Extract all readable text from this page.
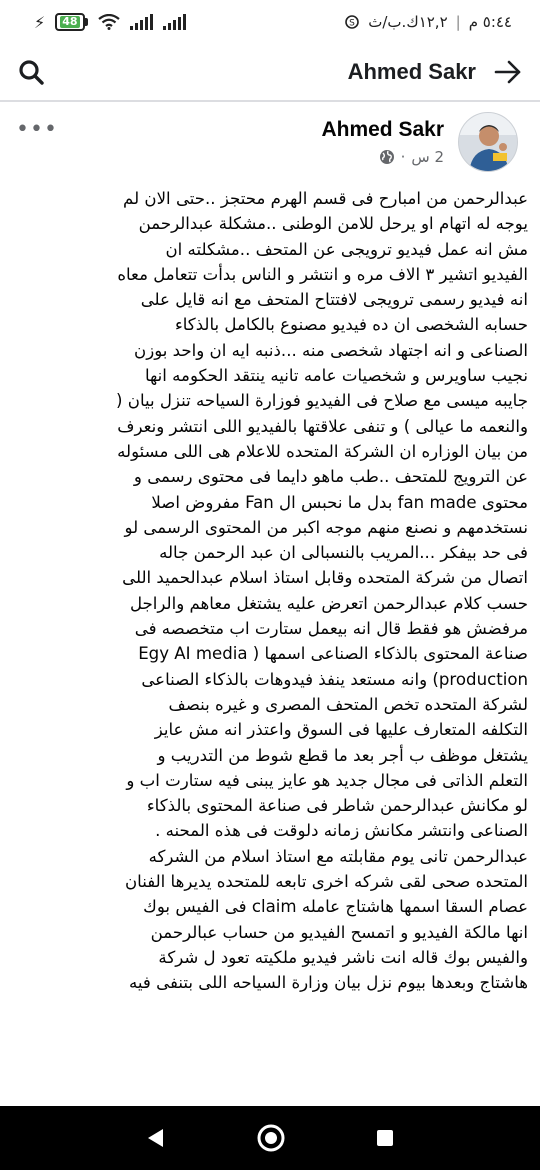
⚡ 48	٥:٤٤ م
|
١٢,٢ك.ب/ث
S
Ahmed Sakr
•••	Ahmed Sakr
2 س
·

عبدالرحمن من امبارح فى قسم الهرم محتجز ..حتى الان لم

يوجه له اتهام او يرحل للامن الوطنى ..مشكلة عبدالرحمن

مش انه عمل فيديو ترويجى عن المتحف ..مشكلته ان

الفيديو اتشير ٣ الاف مره و انتشر و الناس بدأت تتعامل معاه

انه فيديو رسمى ترويجى لافتتاح المتحف مع انه قايل على

حسابه الشخصى ان ده فيديو مصنوع بالكامل بالذكاء

الصناعى و انه اجتهاد شخصى منه ...ذنبه ايه ان واحد بوزن

نجيب ساويرس و شخصيات عامه تانيه ينتقد الحكومه انها

جايبه ميسى مع صلاح فى الفيديو فوزارة السياحه تنزل بيان (

والنعمه ما عيالى ) و تنفى علاقتها بالفيديو اللى انتشر ونعرف

من بيان الوزاره ان الشركة المتحده للاعلام هى اللى مسئوله

عن الترويج للمتحف ..طب ماهو دايما فى محتوى رسمى و

محتوى fan made بدل ما نحبس ال Fan مفروض اصلا

نستخدمهم و نصنع منهم موجه اكبر من المحتوى الرسمى لو

فى حد بيفكر ...المريب بالنسبالى ان عبد الرحمن جاله

اتصال من شركة المتحده وقابل استاذ اسلام عبدالحميد اللى

حسب كلام عبدالرحمن اتعرض عليه يشتغل معاهم والراجل

مرفضش هو فقط قال انه بيعمل ستارت اب متخصصه فى

صناعة المحتوى بالذكاء الصناعى اسمها ( Egy AI media

production) وانه مستعد ينفذ فيدوهات بالذكاء الصناعى

لشركة المتحده تخص المتحف المصرى و غيره بنصف

التكلفه المتعارف عليها فى السوق واعتذر انه مش عايز

يشتغل موظف ب أجر بعد ما قطع شوط من التدريب و

التعلم الذاتى فى مجال جديد هو عايز يبنى فيه ستارت اب و

لو مكانش عبدالرحمن شاطر فى صناعة المحتوى بالذكاء

الصناعى وانتشر مكانش زمانه دلوقت فى هذه المحنه .

عبدالرحمن تانى يوم مقابلته مع استاذ اسلام من الشركه

المتحده صحى لقى شركه اخرى تابعه للمتحده يديرها الفنان

عصام السقا اسمها هاشتاج عامله claim فى الفيس بوك

انها مالكة الفيديو و اتمسح الفيديو من حساب عبالرحمن

والفيس بوك قاله انت ناشر فيديو ملكيته تعود ل شركة

هاشتاج وبعدها بيوم نزل بيان وزارة السياحه اللى بتنفى فيه
